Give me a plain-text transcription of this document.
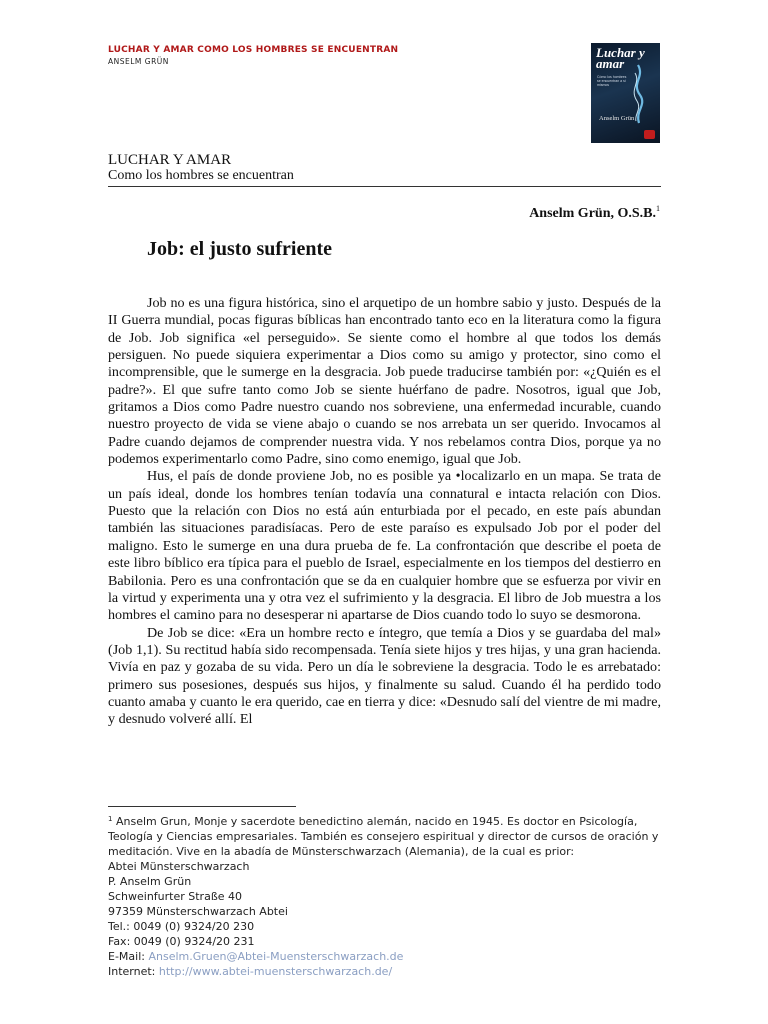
LUCHAR Y AMAR COMO LOS HOMBRES SE ENCUENTRAN

ANSELM GRÜN

Luchar y amar
Cómo los hombres se encuentran a sí mismos
Anselm Grün

LUCHAR Y AMAR

Como los hombres se encuentran

Anselm Grün, O.S.B.$^1$

Job: el justo sufriente

Job no es una figura histórica, sino el arquetipo de un hombre sabio y justo. Después de la II Guerra mundial, pocas figuras bíblicas han encontrado tanto eco en la literatura como la figura de Job. Job significa «el perseguido». Se siente como el hombre al que todos los demás persiguen. No puede siquiera experimentar a Dios como su amigo y protector, sino como el incomprensible, que le sumerge en la desgracia. Job puede traducirse también por: «¿Quién es el padre?». El que sufre tanto como Job se siente huérfano de padre. Nosotros, igual que Job, gritamos a Dios como Padre nuestro cuando nos sobreviene, una enfermedad incurable, cuando nuestro proyecto de vida se viene abajo o cuando se nos arrebata un ser querido. Invocamos al Padre cuando dejamos de comprender nuestra vida. Y nos rebelamos contra Dios, porque ya no podemos experimentarlo como Padre, sino como enemigo, igual que Job.

Hus, el país de donde proviene Job, no es posible ya •localizarlo en un mapa. Se trata de un país ideal, donde los hombres tenían todavía una connatural e intacta relación con Dios. Puesto que la relación con Dios no está aún enturbiada por el pecado, en este país abundan también las situaciones paradisíacas. Pero de este paraíso es expulsado Job por el poder del maligno. Esto le sumerge en una dura prueba de fe. La confrontación que describe el poeta de este libro bíblico era típica para el pueblo de Israel, especialmente en los tiempos del destierro en Babilonia. Pero es una confrontación que se da en cualquier hombre que se esfuerza por vivir en la virtud y experimenta una y otra vez el sufrimiento y la desgracia. El libro de Job muestra a los hombres el camino para no desesperar ni apartarse de Dios cuando todo lo suyo se desmorona.

De Job se dice: «Era un hombre recto e íntegro, que temía a Dios y se guardaba del mal» (Job 1,1). Su rectitud había sido recompensada. Tenía siete hijos y tres hijas, y una gran hacienda. Vivía en paz y gozaba de su vida. Pero un día le sobreviene la desgracia. Todo le es arrebatado: primero sus posesiones, después sus hijos, y finalmente su salud. Cuando él ha perdido todo cuanto amaba y cuanto le era querido, cae en tierra y dice: «Desnudo salí del vientre de mi madre, y desnudo volveré allí. El

$^1$ Anselm Grun, Monje y sacerdote benedictino alemán, nacido en 1945. Es doctor en Psicología, Teología y Ciencias empresariales. También es consejero espiritual y director de cursos de oración y meditación. Vive en la abadía de Münsterschwarzach (Alemania), de la cual es prior:

Abtei Münsterschwarzach

P. Anselm Grün

Schweinfurter Straße 40

97359 Münsterschwarzach Abtei

Tel.: 0049 (0) 9324/20 230

Fax: 0049 (0) 9324/20 231

E-Mail: Anselm.Gruen@Abtei-Muensterschwarzach.de

Internet: http://www.abtei-muensterschwarzach.de/
